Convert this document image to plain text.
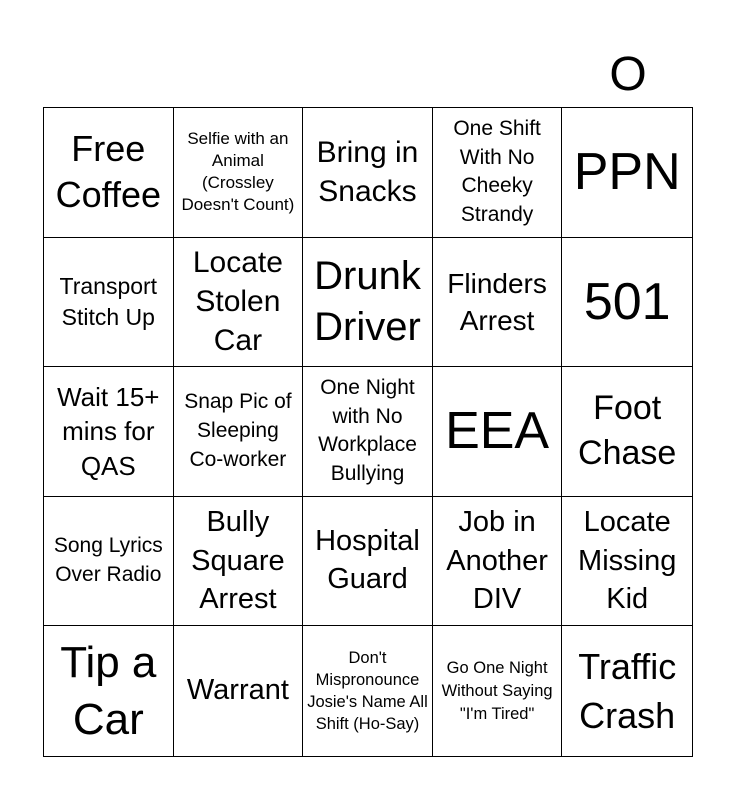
O
Free Coffee
Selfie with an Animal (Crossley Doesn't Count)
Bring in Snacks
One Shift With No Cheeky Strandy
PPN
Transport Stitch Up
Locate Stolen Car
Drunk Driver
Flinders Arrest 501
Wait 15+ mins for QAS
Snap Pic of Sleeping Co-worker
One Night with No Workplace Bullying
EEA	Foot Chase
Song Lyrics Over Radio
Bully Square Arrest
Hospital Guard
Job in Another DIV
Locate Missing Kid
Tip a Car
Warrant
Don't Mispronounce Josie's Name All Shift (Ho-Say)
Go One Night Without Saying "I'm Tired"
Traffic Crash
